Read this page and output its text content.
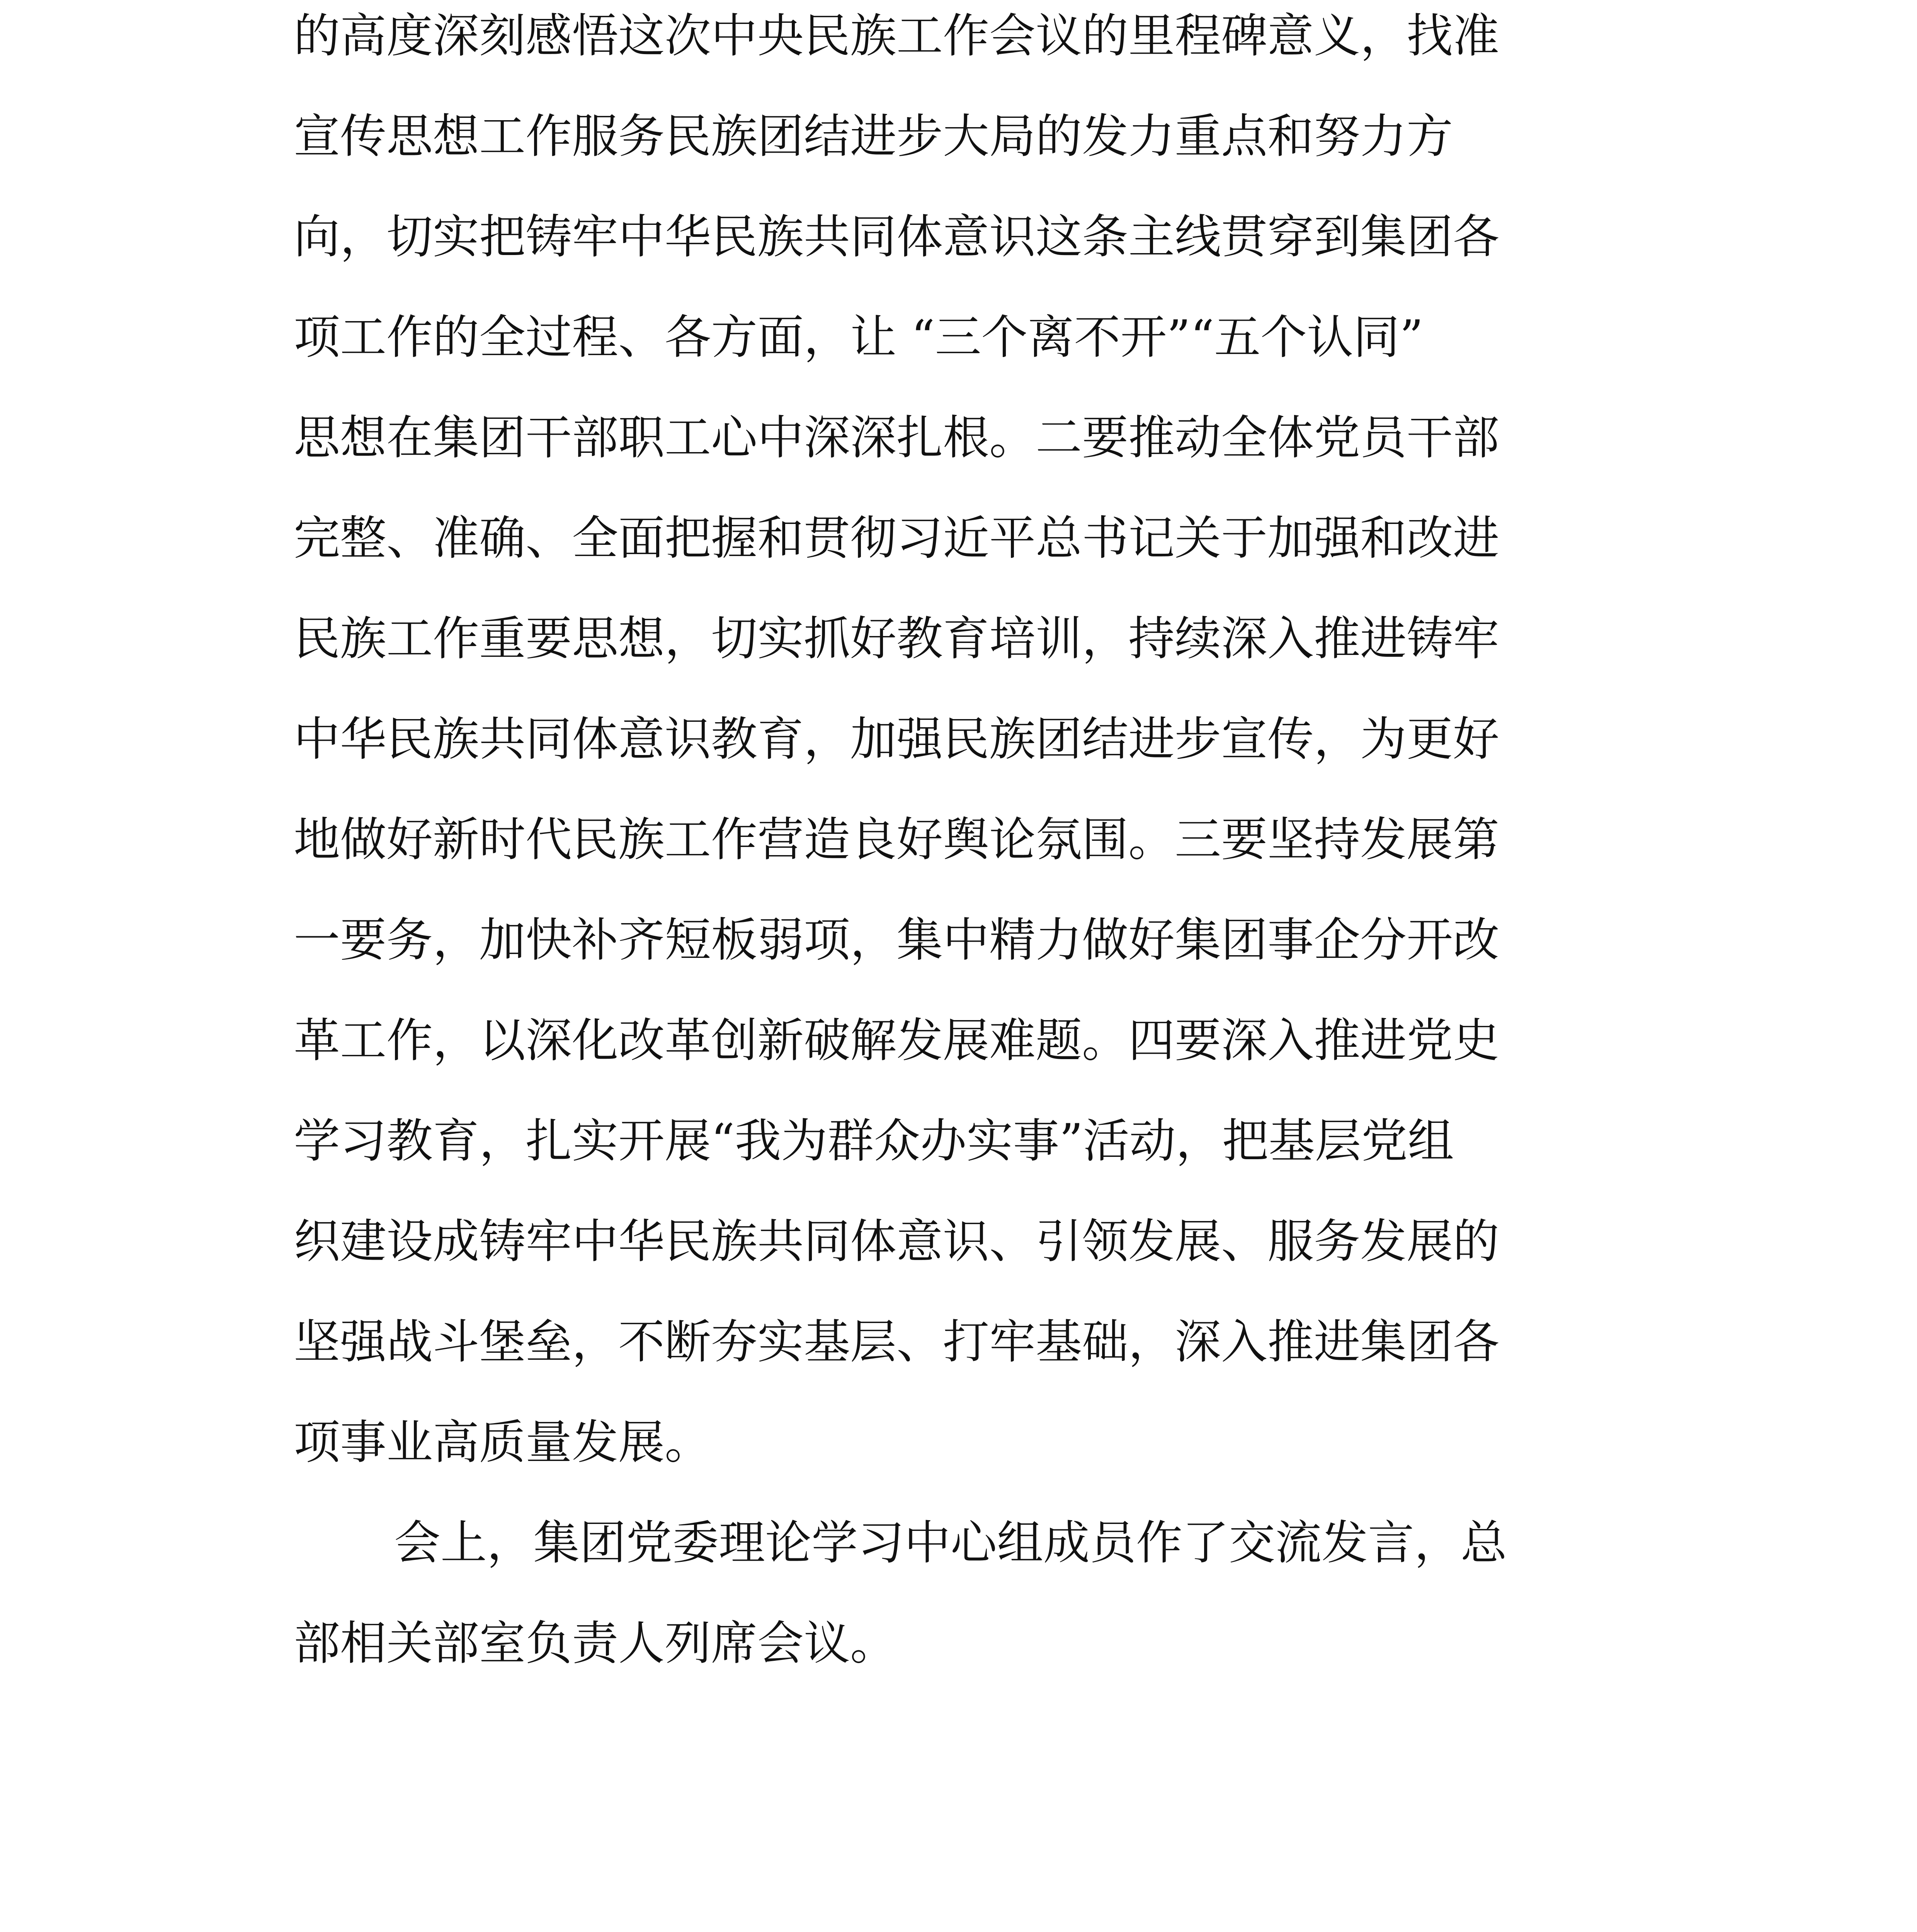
的高度深刻感悟这次中央民族工作会议的里程碑意义，找准
宣传思想工作服务民族团结进步大局的发力重点和努力方
向，切实把铸牢中华民族共同体意识这条主线贯穿到集团各
项工作的全过程、各方面，让 “三个离不开”“五个认同”
思想在集团干部职工心中深深扎根。二要推动全体党员干部
完整、准确、全面把握和贯彻习近平总书记关于加强和改进
民族工作重要思想，切实抓好教育培训，持续深入推进铸牢
中华民族共同体意识教育，加强民族团结进步宣传，为更好
地做好新时代民族工作营造良好舆论氛围。三要坚持发展第
一要务，加快补齐短板弱项，集中精力做好集团事企分开改
革工作，以深化改革创新破解发展难题。四要深入推进党史
学习教育，扎实开展“我为群众办实事”活动，把基层党组
织建设成铸牢中华民族共同体意识、引领发展、服务发展的
坚强战斗堡垒，不断夯实基层、打牢基础，深入推进集团各
项事业高质量发展。
会上，集团党委理论学习中心组成员作了交流发言，总
部相关部室负责人列席会议。
